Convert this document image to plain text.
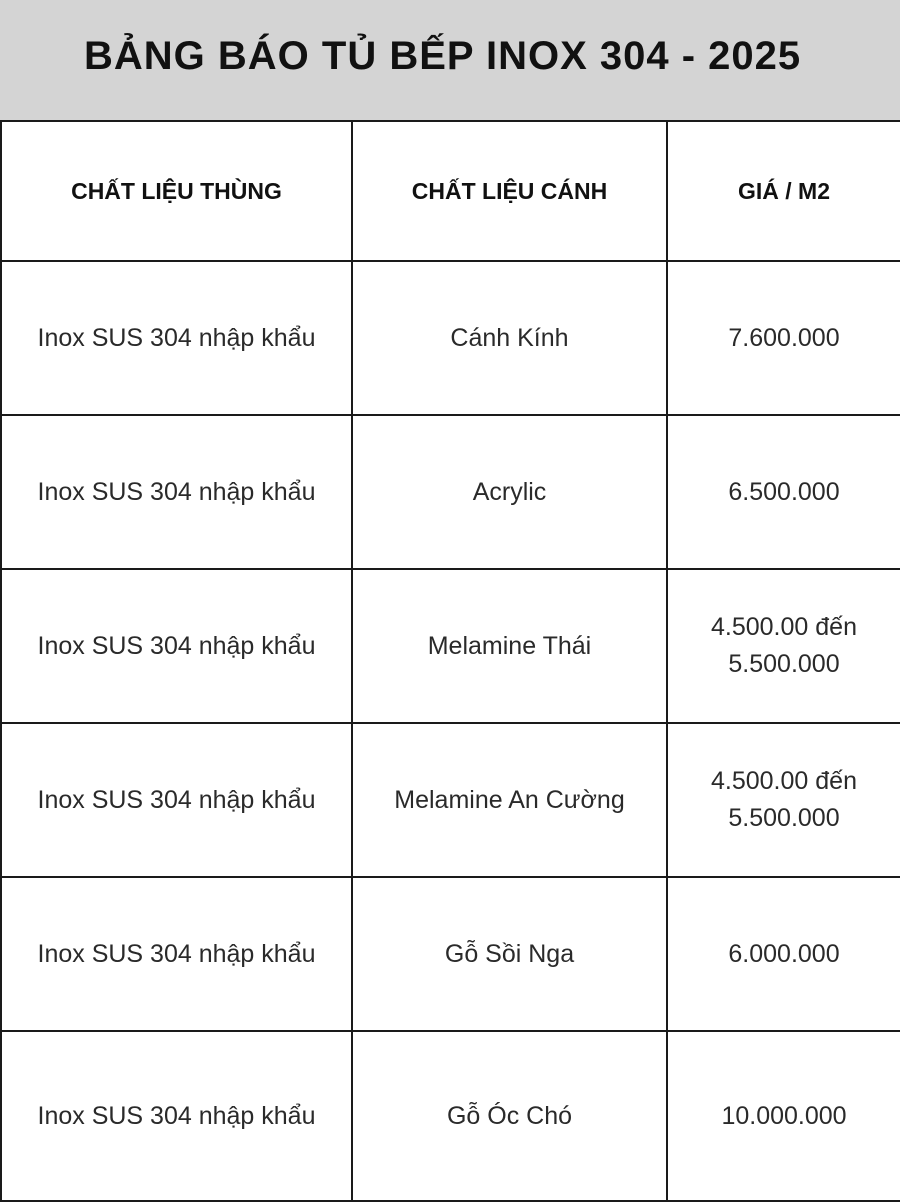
BẢNG BÁO TỦ BẾP INOX 304 - 2025
CHẤT LIỆU THÙNG	CHẤT LIỆU CÁNH	GIÁ / M2
Inox SUS 304 nhập khẩu	Cánh Kính	7.600.000

Inox SUS 304 nhập khẩu	Acrylic	6.500.000

Inox SUS 304 nhập khẩu	Melamine Thái	4.500.00 đến
5.500.000

Inox SUS 304 nhập khẩu	Melamine An Cường	4.500.00 đến
5.500.000

Inox SUS 304 nhập khẩu	Gỗ Sồi Nga	6.000.000

Inox SUS 304 nhập khẩu	Gỗ Óc Chó	10.000.000
